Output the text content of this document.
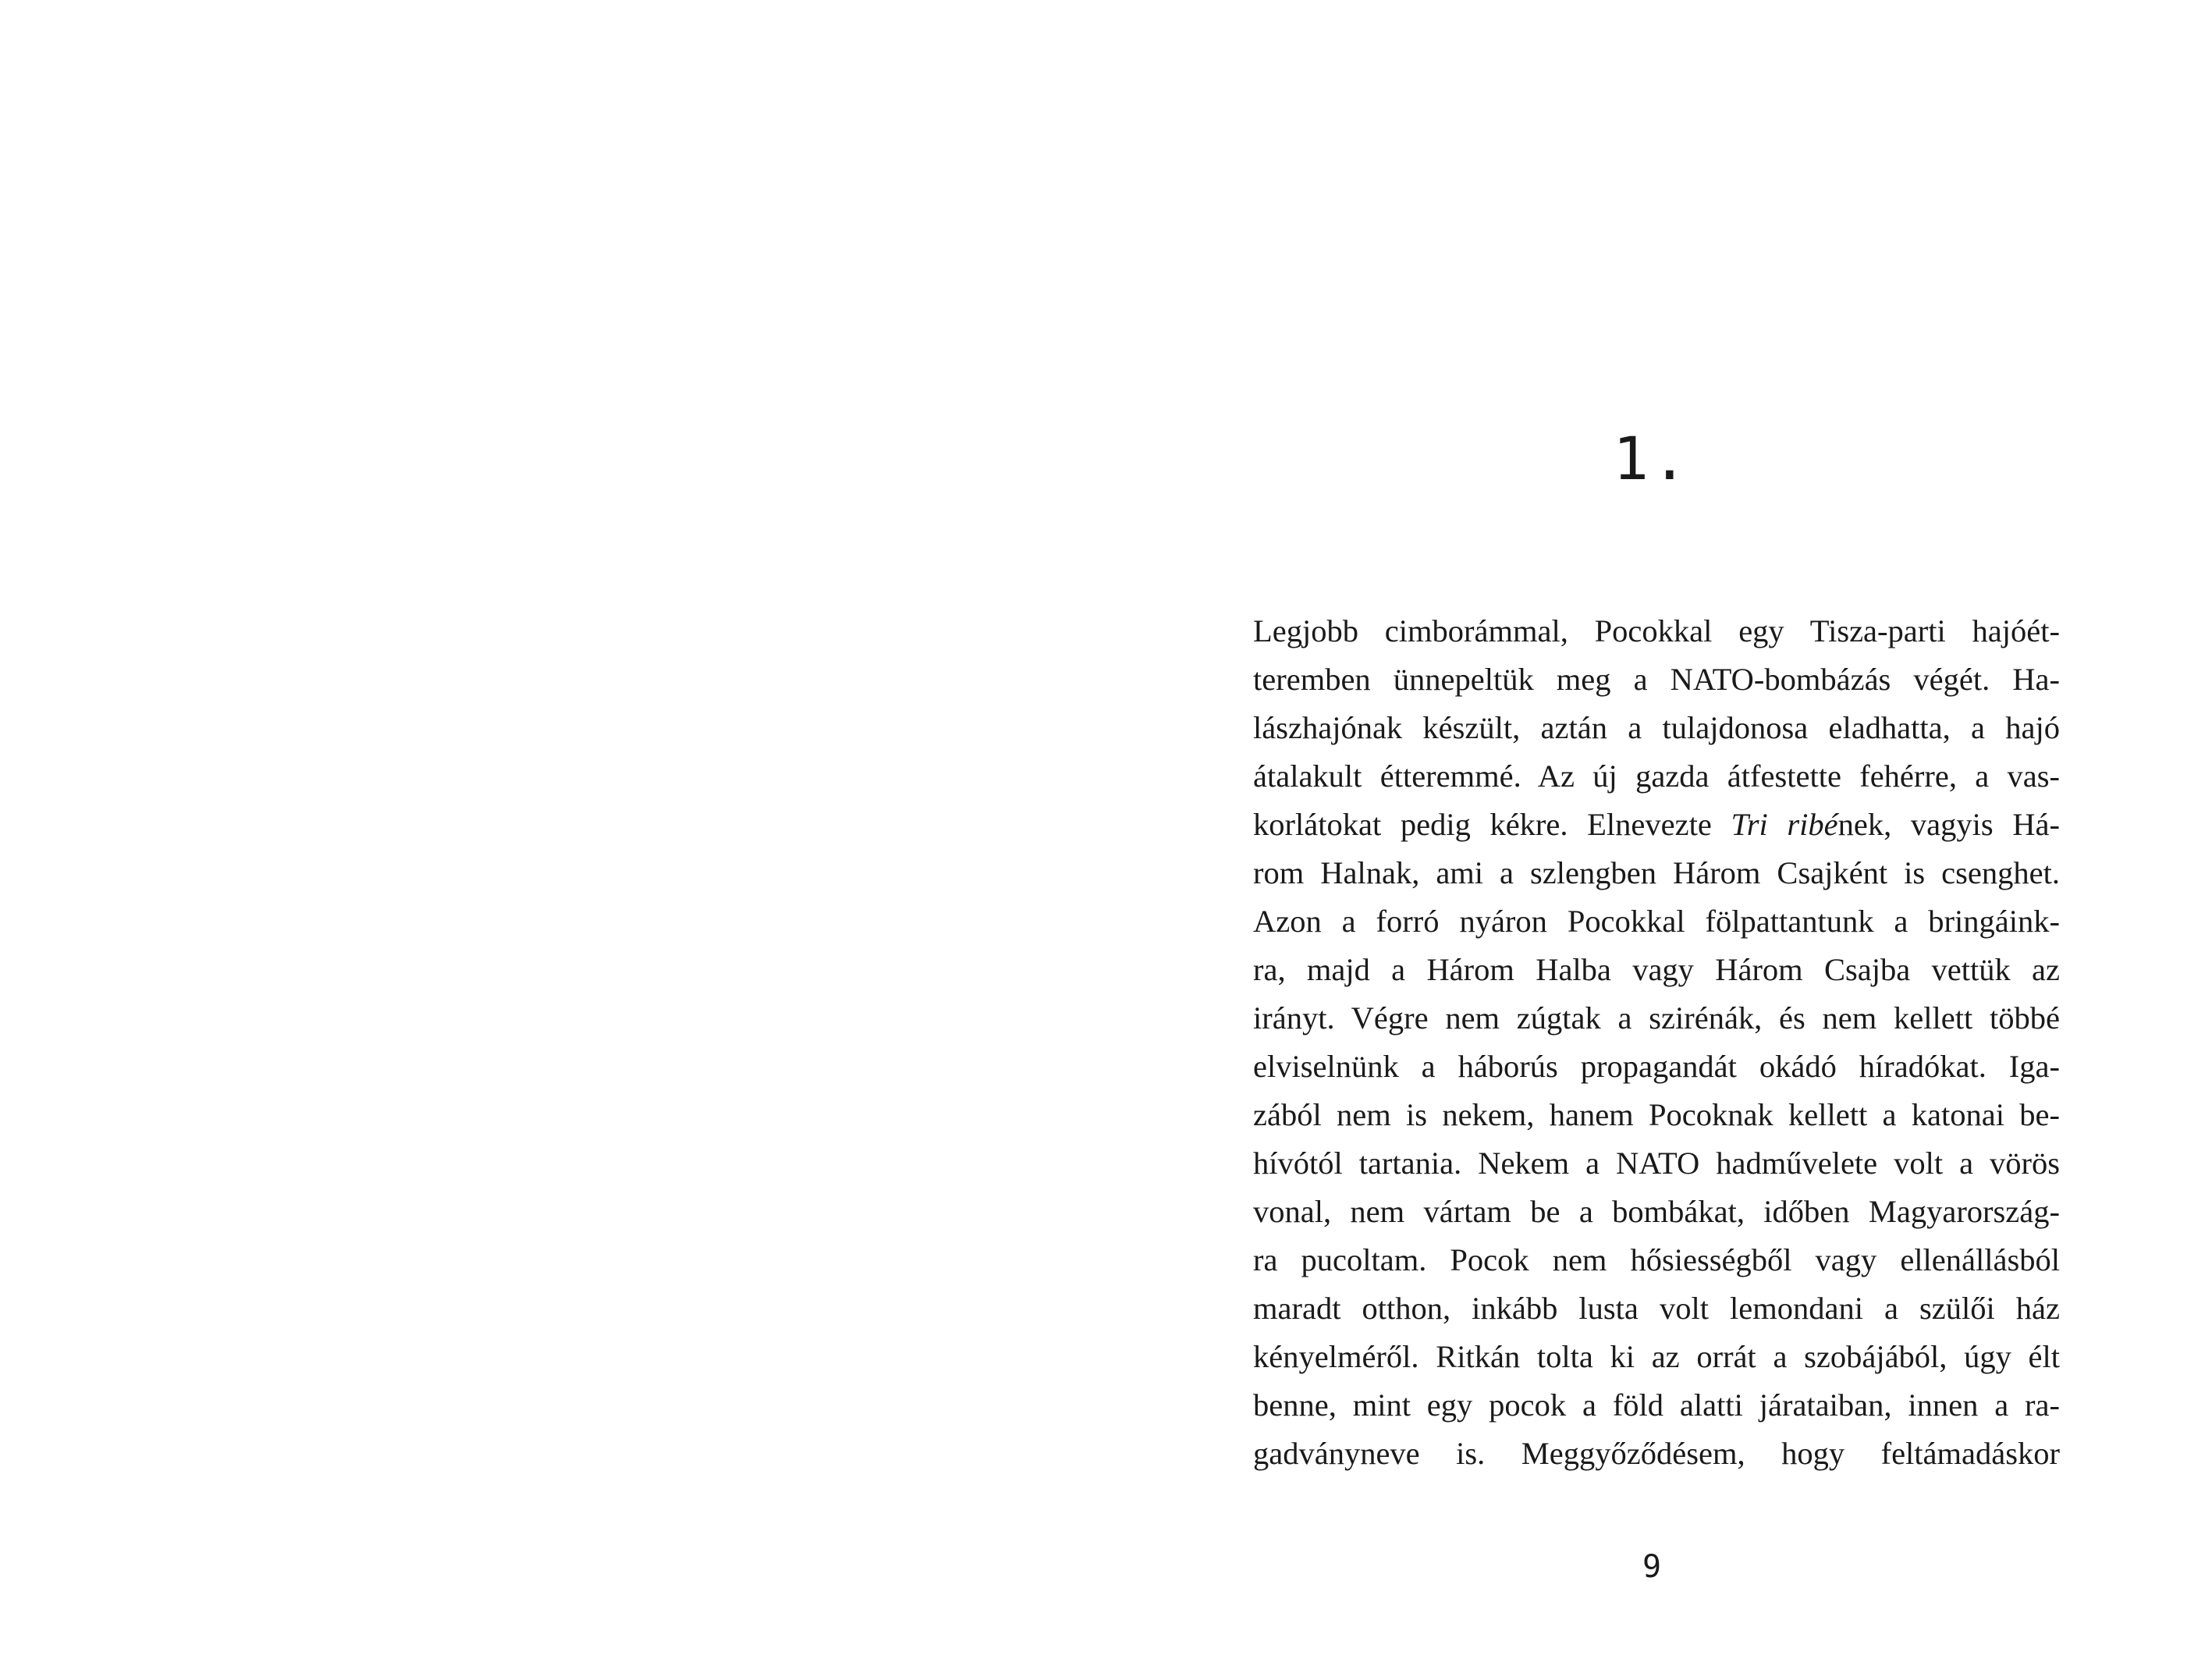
1.
Legjobb cimborámmal, Pocokkal egy Tisza-parti hajóét-
teremben ünnepeltük meg a NATO-bombázás végét. Ha-
lászhajónak készült, aztán a tulajdonosa eladhatta, a hajó
átalakult étteremmé. Az új gazda átfestette fehérre, a vas-
korlátokat pedig kékre. Elnevezte Tri ribének, vagyis Há-
rom Halnak, ami a szlengben Három Csajként is csenghet.
Azon a forró nyáron Pocokkal fölpattantunk a bringáink-
ra, majd a Három Halba vagy Három Csajba vettük az
irányt. Végre nem zúgtak a szirénák, és nem kellett többé
elviselnünk a háborús propagandát okádó híradókat. Iga-
zából nem is nekem, hanem Pocoknak kellett a katonai be-
hívótól tartania. Nekem a NATO hadművelete volt a vörös
vonal, nem vártam be a bombákat, időben Magyarország-
ra pucoltam. Pocok nem hősiességből vagy ellenállásból
maradt otthon, inkább lusta volt lemondani a szülői ház
kényelméről. Ritkán tolta ki az orrát a szobájából, úgy élt
benne, mint egy pocok a föld alatti járataiban, innen a ra-
gadványneve is. Meggyőződésem, hogy feltámadáskor
9
